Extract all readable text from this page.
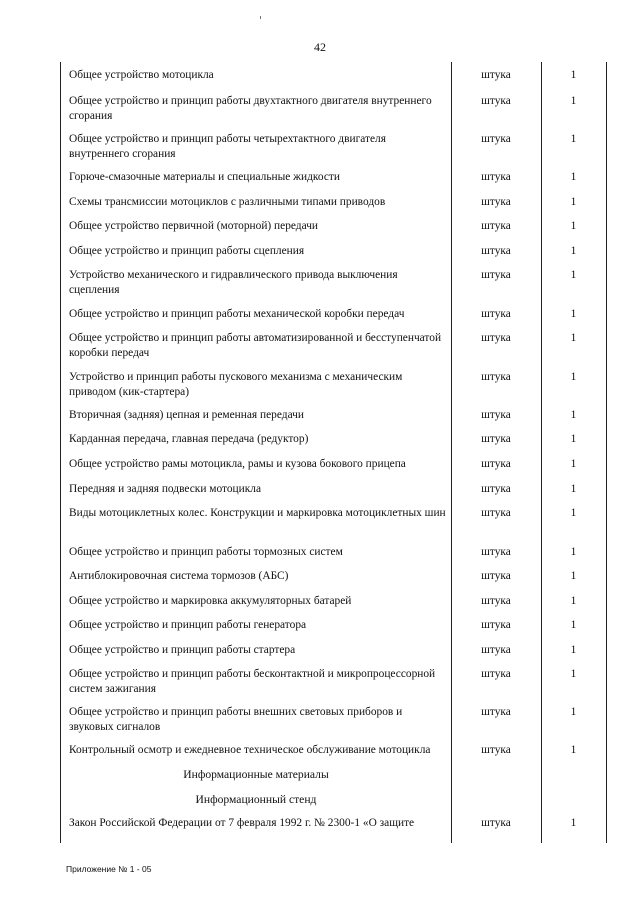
42
Общее устройство мотоцикла	штука	1
Общее устройство и принцип работы двухтактного двигателя внутреннего сгорания
штука	1
Общее устройство и принцип работы четырехтактного двигателя внутреннего сгорания
штука	1
Горюче-смазочные материалы и специальные жидкости	штука	1
Схемы трансмиссии мотоциклов с различными типами приводов	штука	1
Общее устройство первичной (моторной) передачи	штука	1
Общее устройство и принцип работы сцепления	штука	1
Устройство механического и гидравлического привода выключения сцепления
штука	1
Общее устройство и принцип работы механической коробки передач	штука	1
Общее устройство и принцип работы автоматизированной и бесступенчатой коробки передач
штука	1
Устройство и принцип работы пускового механизма с механическим приводом (кик-стартера)
штука	1
Вторичная (задняя) цепная и ременная передачи	штука	1
Карданная передача, главная передача (редуктор)	штука	1
Общее устройство рамы мотоцикла, рамы и кузова бокового прицепа	штука	1
Передняя и задняя подвески мотоцикла	штука	1
Виды мотоциклетных колес. Конструкции и маркировка мотоциклетных шин	штука	1
Общее устройство и принцип работы тормозных систем	штука	1
Антиблокировочная система тормозов (АБС)	штука	1
Общее устройство и маркировка аккумуляторных батарей	штука	1
Общее устройство и принцип работы генератора	штука	1
Общее устройство и принцип работы стартера	штука	1
Общее устройство и принцип работы бесконтактной и микропроцессорной систем зажигания
штука	1
Общее устройство и принцип работы внешних световых приборов и звуковых сигналов
штука	1
Контрольный осмотр и ежедневное техническое обслуживание мотоцикла	штука	1
Информационные материалы
Информационный стенд
Закон Российской Федерации от 7 февраля 1992 г. № 2300-1 «О защите	штука	1
Приложение № 1 - 05
